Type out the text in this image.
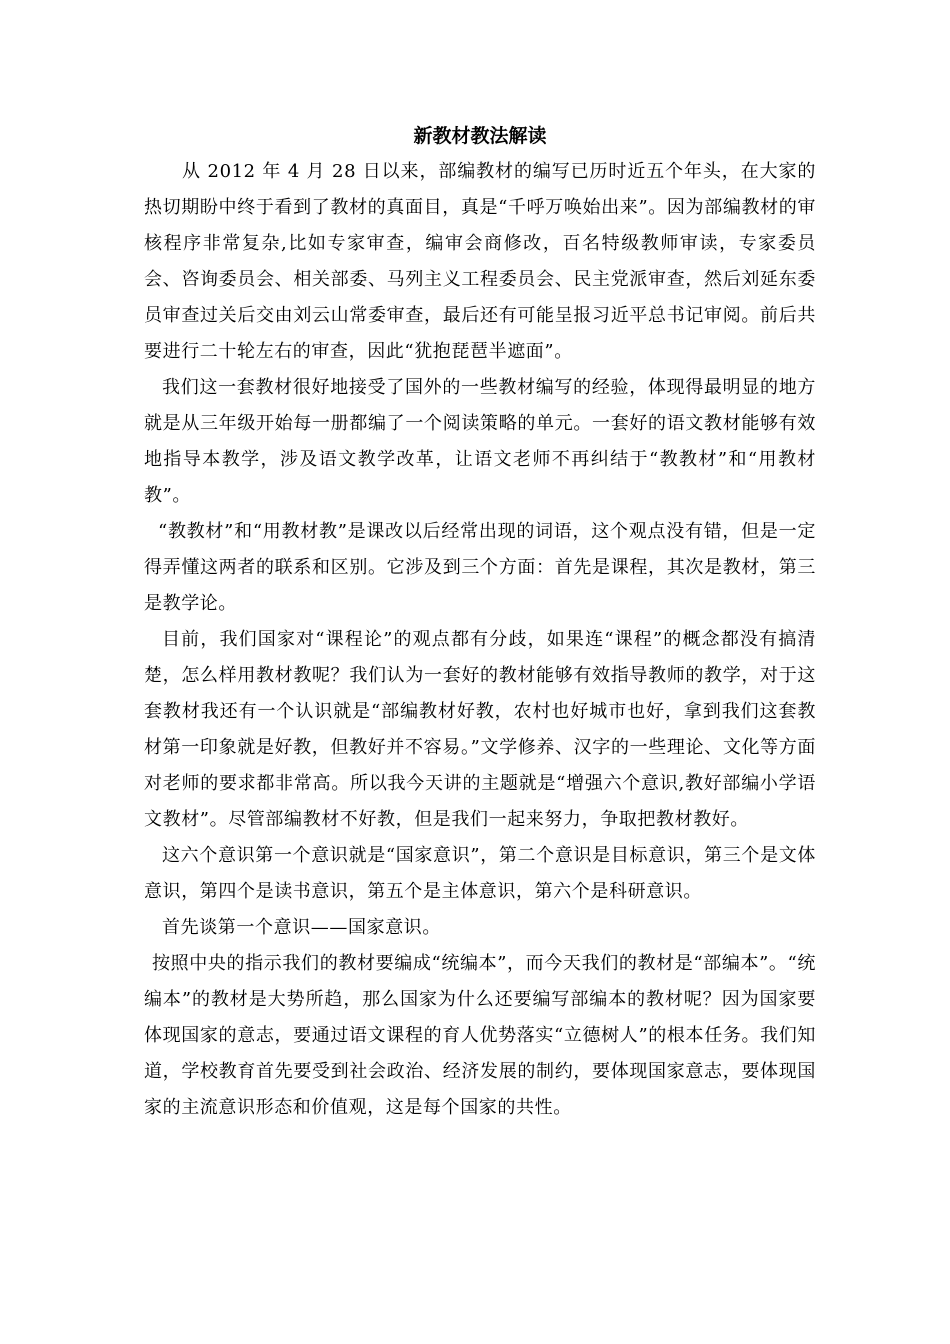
新教材教法解读

从 2012 年 4 月 28 日以来，部编教材的编写已历时近五个年头，在大家的热切期盼中终于看到了教材的真面目，真是“千呼万唤始出来”。因为部编教材的审核程序非常复杂,比如专家审查，编审会商修改，百名特级教师审读，专家委员会、咨询委员会、相关部委、马列主义工程委员会、民主党派审查，然后刘延东委员审查过关后交由刘云山常委审查，最后还有可能呈报习近平总书记审阅。前后共要进行二十轮左右的审查，因此“犹抱琵琶半遮面”。

我们这一套教材很好地接受了国外的一些教材编写的经验，体现得最明显的地方就是从三年级开始每一册都编了一个阅读策略的单元。一套好的语文教材能够有效地指导本教学，涉及语文教学改革，让语文老师不再纠结于“教教材”和“用教材教”。

“教教材”和“用教材教”是课改以后经常出现的词语，这个观点没有错，但是一定得弄懂这两者的联系和区别。它涉及到三个方面：首先是课程，其次是教材，第三是教学论。

目前，我们国家对“课程论”的观点都有分歧，如果连“课程”的概念都没有搞清楚，怎么样用教材教呢？我们认为一套好的教材能够有效指导教师的教学，对于这套教材我还有一个认识就是“部编教材好教，农村也好城市也好，拿到我们这套教材第一印象就是好教，但教好并不容易。”文学修养、汉字的一些理论、文化等方面对老师的要求都非常高。所以我今天讲的主题就是“增强六个意识,教好部编小学语文教材”。尽管部编教材不好教，但是我们一起来努力，争取把教材教好。

这六个意识第一个意识就是“国家意识”，第二个意识是目标意识，第三个是文体意识，第四个是读书意识，第五个是主体意识，第六个是科研意识。

首先谈第一个意识——国家意识。

按照中央的指示我们的教材要编成“统编本”，而今天我们的教材是“部编本”。“统编本”的教材是大势所趋，那么国家为什么还要编写部编本的教材呢？因为国家要体现国家的意志，要通过语文课程的育人优势落实“立德树人”的根本任务。我们知道，学校教育首先要受到社会政治、经济发展的制约，要体现国家意志，要体现国家的主流意识形态和价值观，这是每个国家的共性。
